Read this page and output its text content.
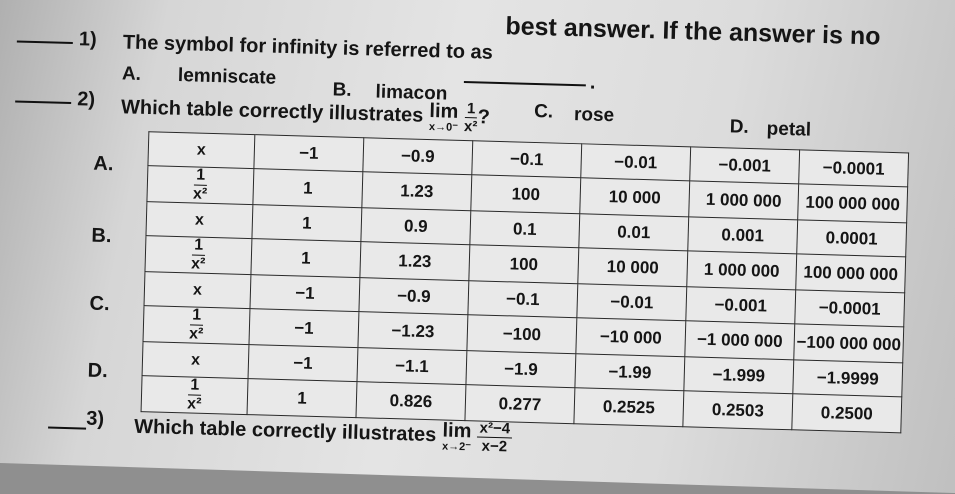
best answer. If the answer is no
1) The symbol for infinity is referred to as
.
A. lemniscate
B. limacon
C. rose
D. petal
2) Which table correctly illustrates lim
$x\to 0^- \frac{1}{\text{x²}}$ ?
A.
B.
C.
D.
x	−1	−0.9	−0.1	−0.01	−0.001	−0.0001

$\frac{1}{\text{x²}}$	1	1.23	100	10 000	1 000 000	100 000 000
x	1	0.9	0.1	0.01	0.001	0.0001

$\frac{1}{\text{x²}}$	1	1.23	100	10 000	1 000 000	100 000 000
x	−1	−0.9	−0.1	−0.01	−0.001	−0.0001

$\frac{1}{\text{x²}}$	−1	−1.23	−100	−10 000	−1 000 000	−100 000 000
x	−1	−1.1	−1.9	−1.99	−1.999	−1.9999

$\frac{1}{\text{x²}}$	1	0.826	0.277	0.2525	0.2503	0.2500
3) Which table correctly illustrates lim
$x\to 2^- \frac{\text{x²−4}}{x-2}$
